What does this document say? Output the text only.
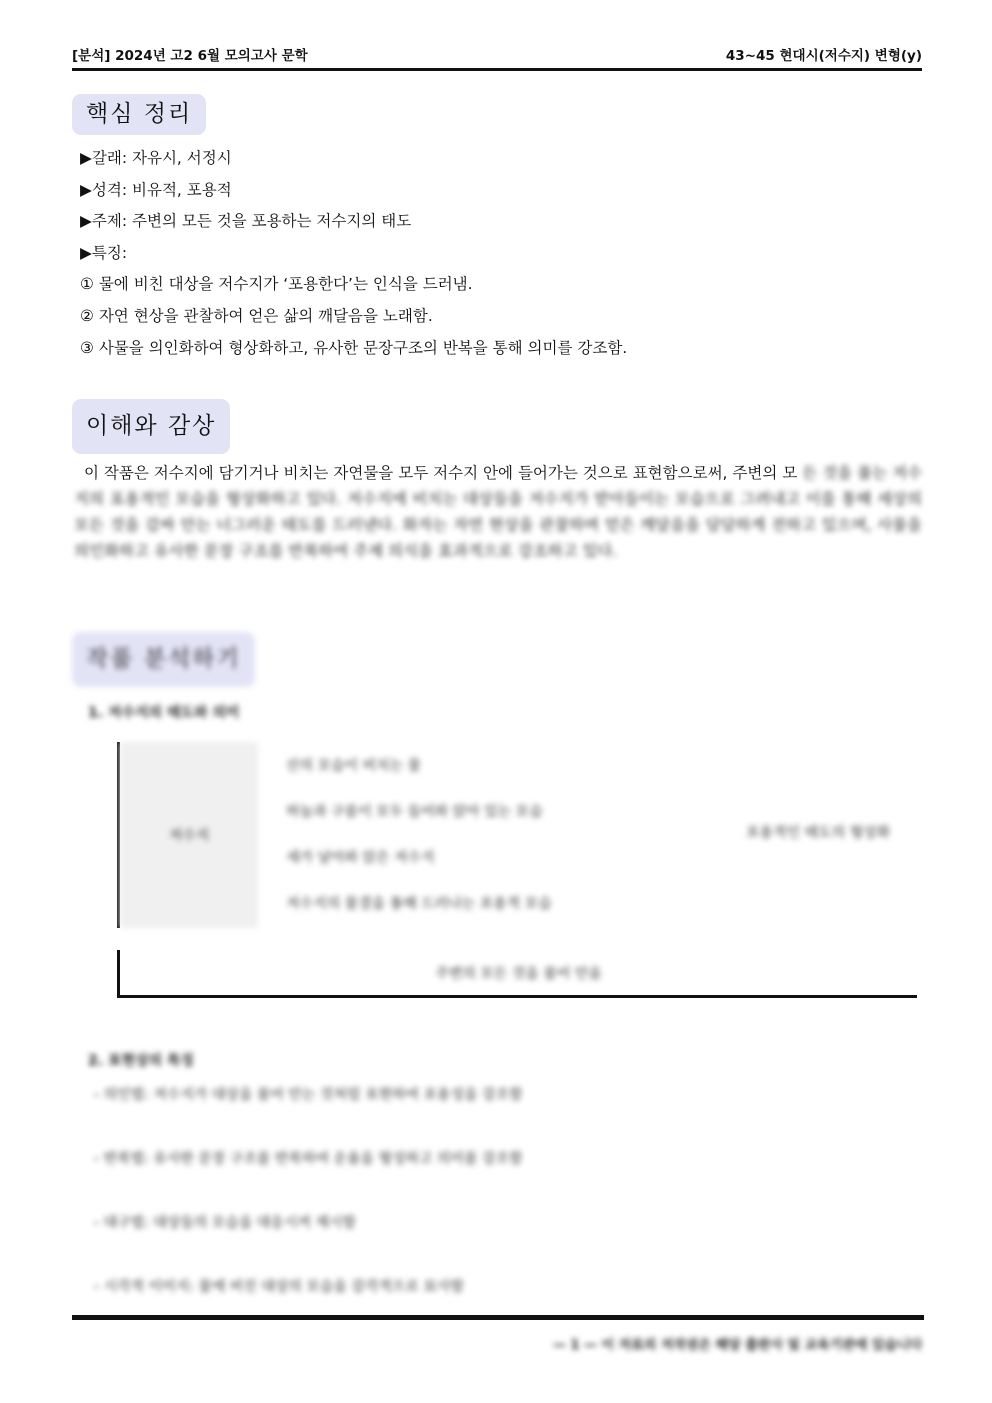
[분석] 2024년 고2 6월 모의고사 문학	43~45 현대시(저수지) 변형(y)
핵심 정리
▶갈래: 자유시, 서정시
▶성격: 비유적, 포용적
▶주제: 주변의 모든 것을 포용하는 저수지의 태도
▶특징:
① 물에 비친 대상을 저수지가 ‘포용한다’는 인식을 드러냄.
② 자연 현상을 관찰하여 얻은 삶의 깨달음을 노래함.
③ 사물을 의인화하여 형상화하고, 유사한 문장구조의 반복을 통해 의미를 강조함.
이해와 감상
이 작품은 저수지에 담기거나 비치는 자연물을 모두 저수지 안에 들어가는 것으로 표현함으로써, 주변의 모 든 것을 품는 저수지의 포용적인 모습을 형상화하고 있다. 저수지에 비치는 대상들을 저수지가 받아들이는 모습으로 그려내고 이를 통해 세상의 모든 것을 감싸 안는 너그러운 태도를 드러낸다. 화자는 자연 현상을 관찰하며 얻은 깨달음을 담담하게 전하고 있으며, 사물을 의인화하고 유사한 문장 구조를 반복하여 주제 의식을 효과적으로 강조하고 있다.
작품 분석하기
1. 저수지의 태도와 의미
저수지
산의 모습이 비치는 물
하늘과 구름이 모두 들어와 앉아 있는 모습
새가 날아와 앉은 저수지
저수지의 물결을 통해 드러나는 포용적 모습
포용적인 태도의 형상화
주변의 모든 것을 품어 안음
2. 표현상의 특징
- 의인법: 저수지가 대상을 품어 안는 것처럼 표현하여 포용성을 강조함
- 반복법: 유사한 문장 구조를 반복하여 운율을 형성하고 의미를 강조함
- 대구법: 대상들의 모습을 대응시켜 제시함
- 시각적 이미지: 물에 비친 대상의 모습을 감각적으로 묘사함
— 1 — 이 자료의 저작권은 해당 출판사 및 교육기관에 있습니다
